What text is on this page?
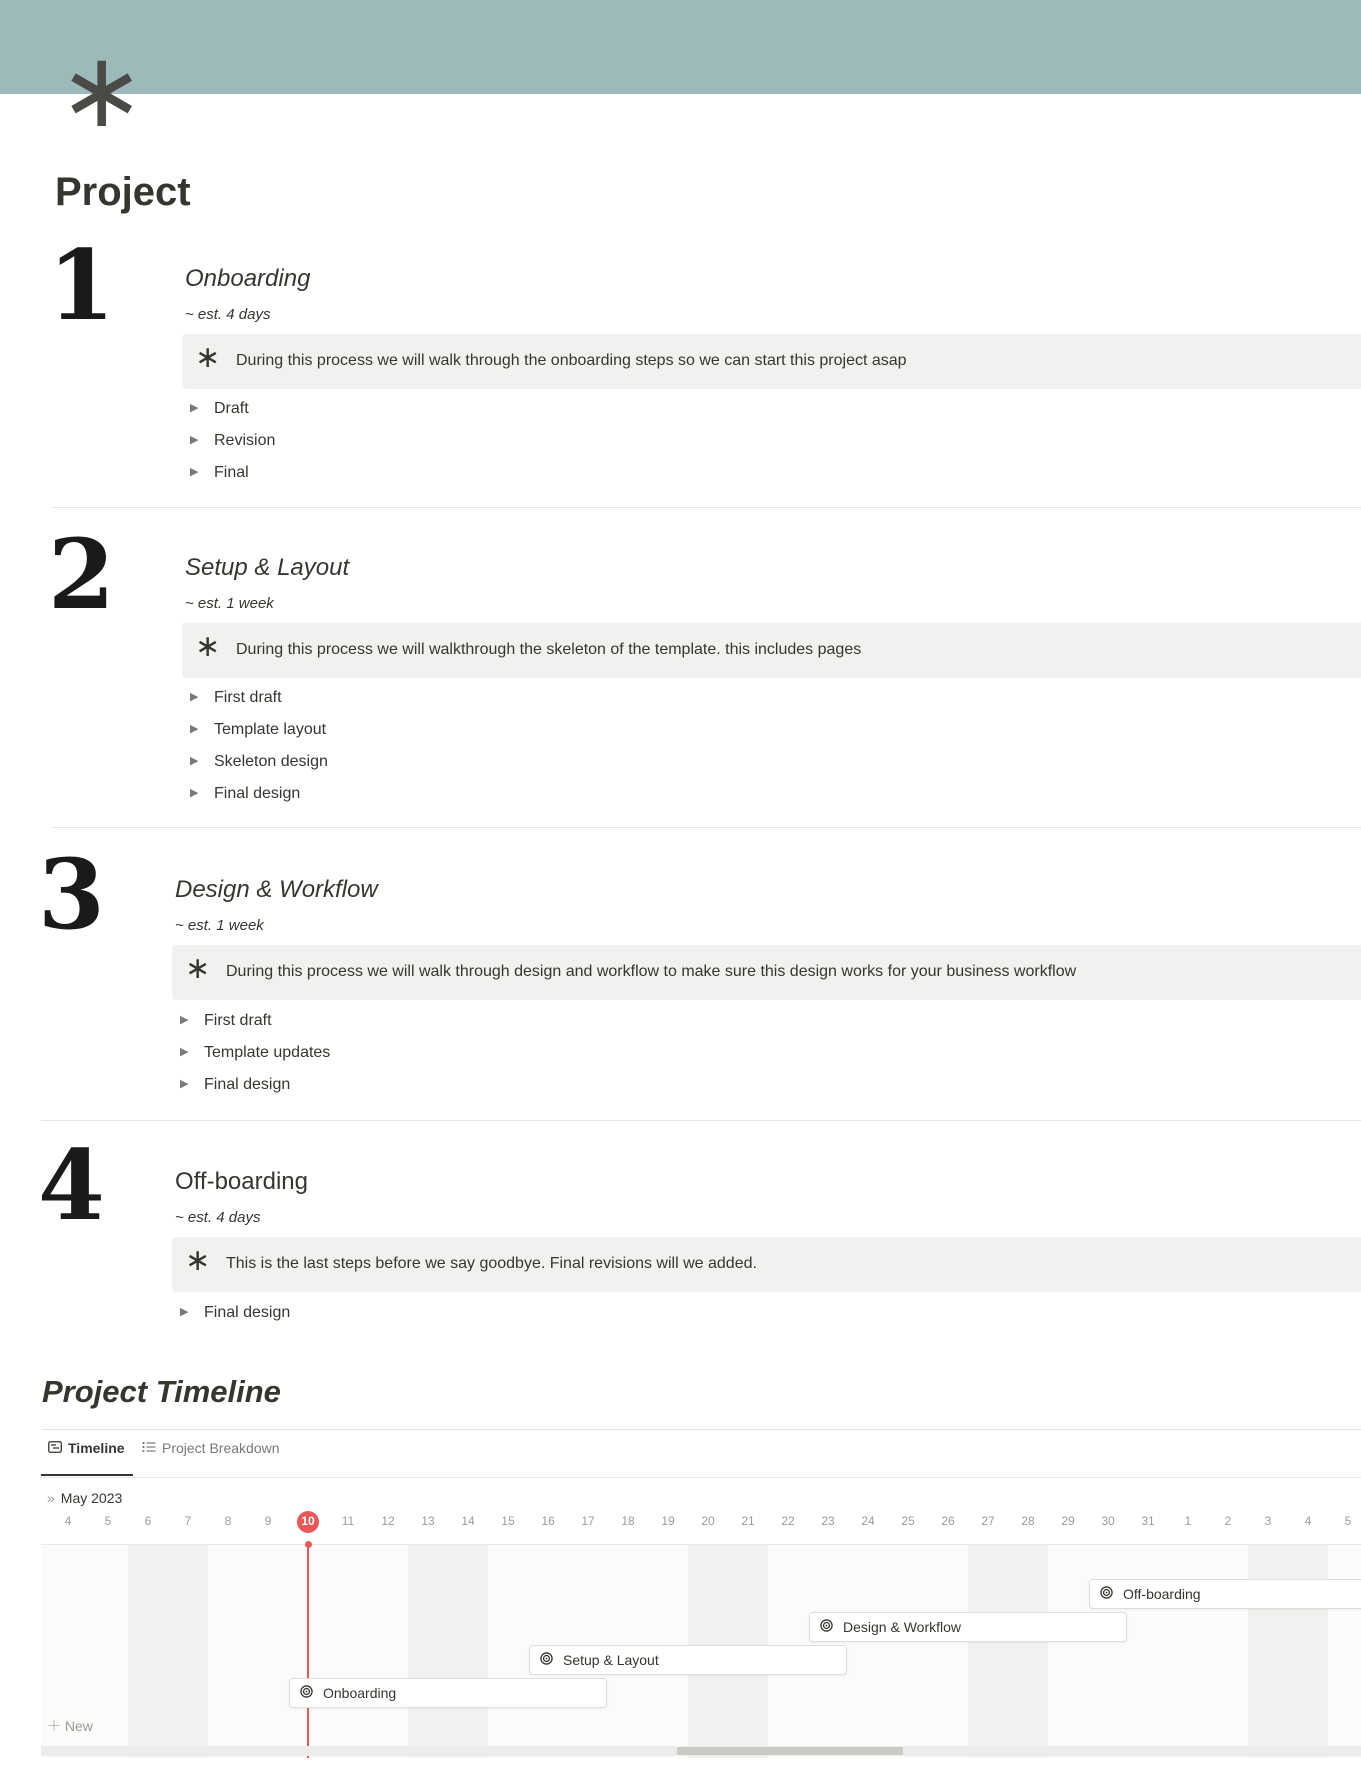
∗
Project
1	Onboarding
~ est. 4 days
∗ During this process we will walk through the onboarding steps so we can start this project asap
▶ Draft
▶ Revision
▶ Final
2	Setup & Layout
~ est. 1 week
∗ During this process we will walkthrough the skeleton of the template. this includes pages
▶ First draft
▶ Template layout
▶ Skeleton design
▶ Final design
3	Design & Workflow
~ est. 1 week
∗ During this process we will walk through design and workflow to make sure this design works for your business workflow
▶ First draft
▶ Template updates
▶ Final design
4	Off-boarding
~ est. 4 days
∗ This is the last steps before we say goodbye. Final revisions will we added.
▶ Final design
Project Timeline
Timeline	Project Breakdown
» May 2023
4	5	6	7	8	9	10	11	12	13	14	15	16	17	18	19	20	21	22	23	24	25	26	27	28	29	30	31	1	2	3	4	5
Off-boarding
Design & Workflow
Setup & Layout
Onboarding
＋ New
